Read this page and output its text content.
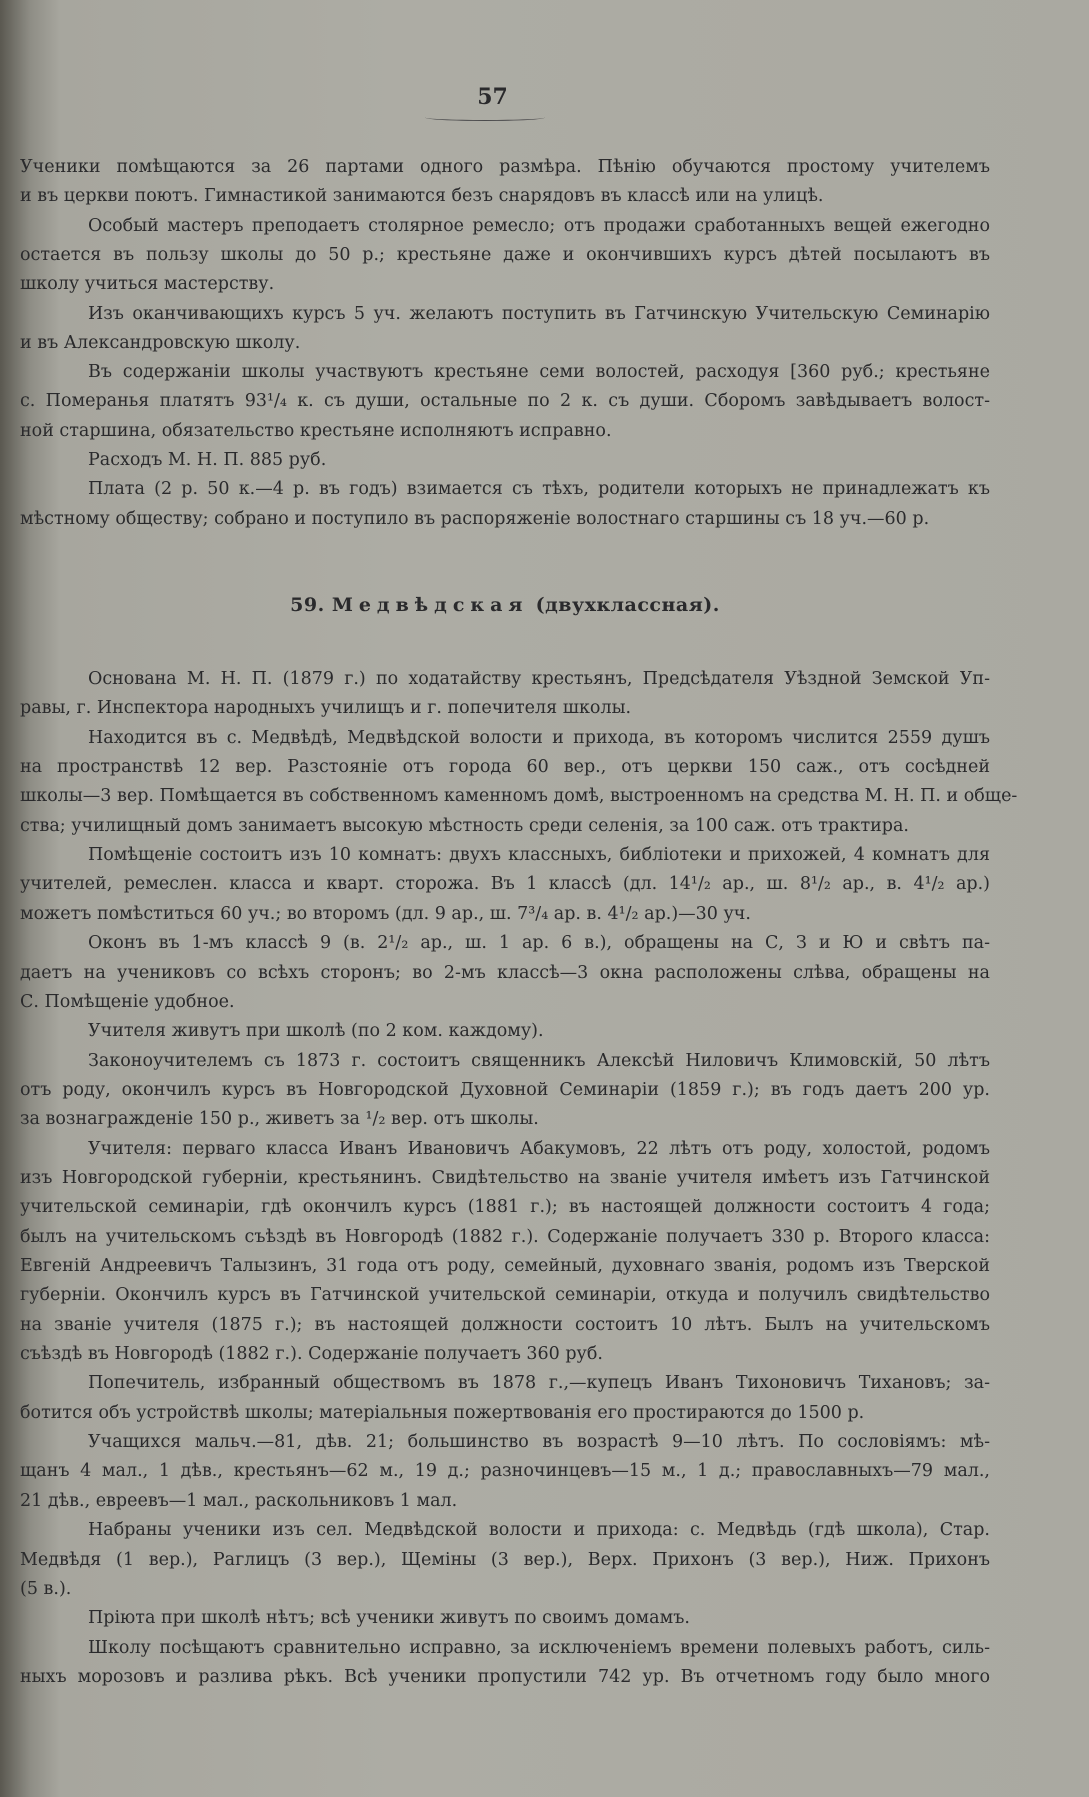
57
Ученики помѣщаются за 26 партами одного размѣра. Пѣнію обучаются простому учителемъ
и въ церкви поютъ. Гимнастикой занимаются безъ снарядовъ въ классѣ или на улицѣ.
Особый мастеръ преподаетъ столярное ремесло; отъ продажи сработанныхъ вещей ежегодно
остается въ пользу школы до 50 р.; крестьяне даже и окончившихъ курсъ дѣтей посылаютъ въ
школу учиться мастерству.
Изъ оканчивающихъ курсъ 5 уч. желаютъ поступить въ Гатчинскую Учительскую Семинарію
и въ Александровскую школу.
Въ содержаніи школы участвуютъ крестьяне семи волостей, расходуя [360 руб.; крестьяне
с. Померанья платятъ 93¹/₄ к. съ души, остальные по 2 к. съ души. Сборомъ завѣдываетъ волост-
ной старшина, обязательство крестьяне исполняютъ исправно.
Расходъ М. Н. П. 885 руб.
Плата (2 р. 50 к.—4 р. въ годъ) взимается съ тѣхъ, родители которыхъ не принадлежатъ къ
мѣстному обществу; собрано и поступило въ распоряженіе волостнаго старшины съ 18 уч.—60 р.
59. Медвѣдская (двухклассная).
Основана М. Н. П. (1879 г.) по ходатайству крестьянъ, Предсѣдателя Уѣздной Земской Уп-
равы, г. Инспектора народныхъ училищъ и г. попечителя школы.
Находится въ с. Медвѣдѣ, Медвѣдской волости и прихода, въ которомъ числится 2559 душъ
на пространствѣ 12 вер. Разстояніе отъ города 60 вер., отъ церкви 150 саж., отъ сосѣдней
школы—3 вер. Помѣщается въ собственномъ каменномъ домѣ, выстроенномъ на средства М. Н. П. и обще-
ства; училищный домъ занимаетъ высокую мѣстность среди селенія, за 100 саж. отъ трактира.
Помѣщеніе состоитъ изъ 10 комнатъ: двухъ классныхъ, библіотеки и прихожей, 4 комнатъ для
учителей, ремеслен. класса и кварт. сторожа. Въ 1 классѣ (дл. 14¹/₂ ар., ш. 8¹/₂ ар., в. 4¹/₂ ар.)
можетъ помѣститься 60 уч.; во второмъ (дл. 9 ар., ш. 7³/₄ ар. в. 4¹/₂ ар.)—30 уч.
Оконъ въ 1-мъ классѣ 9 (в. 2¹/₂ ар., ш. 1 ар. 6 в.), обращены на С, З и Ю и свѣтъ па-
даетъ на учениковъ со всѣхъ сторонъ; во 2-мъ классѣ—3 окна расположены слѣва, обращены на
С. Помѣщеніе удобное.
Учителя живутъ при школѣ (по 2 ком. каждому).
Законоучителемъ съ 1873 г. состоитъ священникъ Алексѣй Ниловичъ Климовскій, 50 лѣтъ
отъ роду, окончилъ курсъ въ Новгородской Духовной Семинаріи (1859 г.); въ годъ даетъ 200 ур.
за вознагражденіе 150 р., живетъ за ¹/₂ вер. отъ школы.
Учителя: перваго класса Иванъ Ивановичъ Абакумовъ, 22 лѣтъ отъ роду, холостой, родомъ
изъ Новгородской губерніи, крестьянинъ. Свидѣтельство на званіе учителя имѣетъ изъ Гатчинской
учительской семинаріи, гдѣ окончилъ курсъ (1881 г.); въ настоящей должности состоитъ 4 года;
былъ на учительскомъ съѣздѣ въ Новгородѣ (1882 г.). Содержаніе получаетъ 330 р. Второго класса:
Евгеній Андреевичъ Талызинъ, 31 года отъ роду, семейный, духовнаго званія, родомъ изъ Тверской
губерніи. Окончилъ курсъ въ Гатчинской учительской семинаріи, откуда и получилъ свидѣтельство
на званіе учителя (1875 г.); въ настоящей должности состоитъ 10 лѣтъ. Былъ на учительскомъ
съѣздѣ въ Новгородѣ (1882 г.). Содержаніе получаетъ 360 руб.
Попечитель, избранный обществомъ въ 1878 г.,—купецъ Иванъ Тихоновичъ Тихановъ; за-
ботится объ устройствѣ школы; матеріальныя пожертвованія его простираются до 1500 р.
Учащихся мальч.—81, дѣв. 21; большинство въ возрастѣ 9—10 лѣтъ. По сословіямъ: мѣ-
щанъ 4 мал., 1 дѣв., крестьянъ—62 м., 19 д.; разночинцевъ—15 м., 1 д.; православныхъ—79 мал.,
21 дѣв., евреевъ—1 мал., раскольниковъ 1 мал.
Набраны ученики изъ сел. Медвѣдской волости и прихода: с. Медвѣдь (гдѣ школа), Стар.
Медвѣдя (1 вер.), Раглицъ (3 вер.), Щеміны (3 вер.), Верх. Прихонъ (3 вер.), Ниж. Прихонъ
(5 в.).
Пріюта при школѣ нѣтъ; всѣ ученики живутъ по своимъ домамъ.
Школу посѣщаютъ сравнительно исправно, за исключеніемъ времени полевыхъ работъ, силь-
ныхъ морозовъ и разлива рѣкъ. Всѣ ученики пропустили 742 ур. Въ отчетномъ году было много
